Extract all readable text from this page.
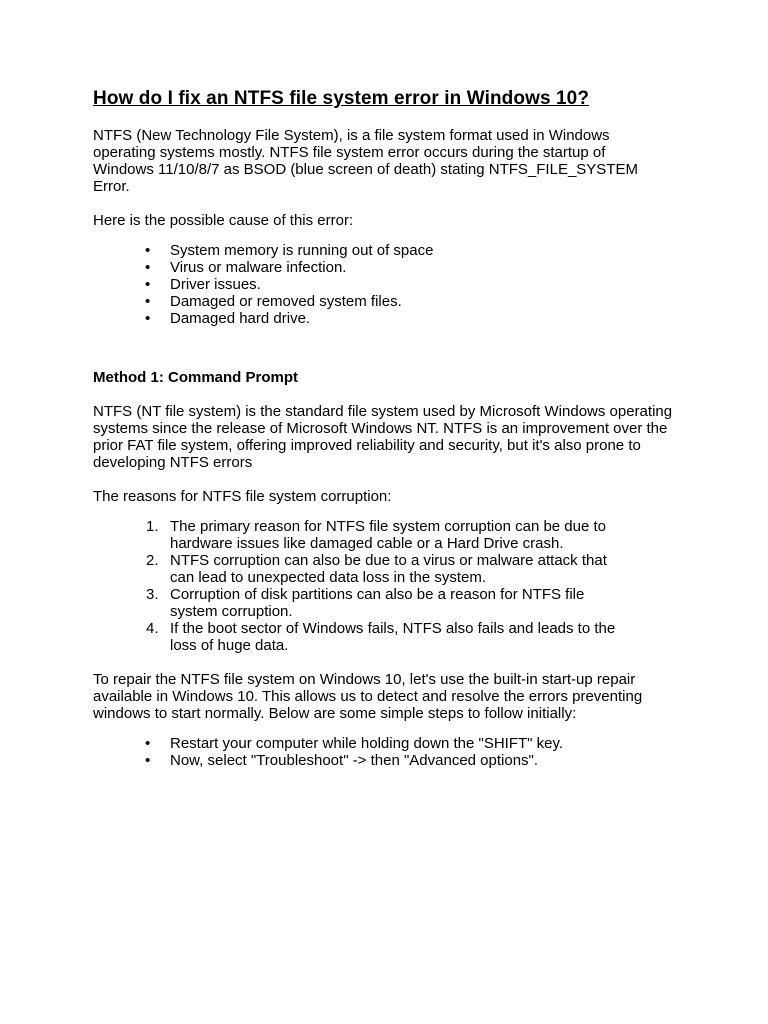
How do I fix an NTFS file system error in Windows 10?

NTFS (New Technology File System), is a file system format used in Windows operating systems mostly. NTFS file system error occurs during the startup of Windows 11/10/8/7 as BSOD (blue screen of death) stating NTFS_FILE_SYSTEM Error.

Here is the possible cause of this error:

• System memory is running out of space
• Virus or malware infection.
• Driver issues.
• Damaged or removed system files.
• Damaged hard drive.

Method 1: Command Prompt

NTFS (NT file system) is the standard file system used by Microsoft Windows operating systems since the release of Microsoft Windows NT. NTFS is an improvement over the prior FAT file system, offering improved reliability and security, but it's also prone to developing NTFS errors

The reasons for NTFS file system corruption:

1. The primary reason for NTFS file system corruption can be due to hardware issues like damaged cable or a Hard Drive crash.
2. NTFS corruption can also be due to a virus or malware attack that can lead to unexpected data loss in the system.
3. Corruption of disk partitions can also be a reason for NTFS file system corruption.
4. If the boot sector of Windows fails, NTFS also fails and leads to the loss of huge data.

To repair the NTFS file system on Windows 10, let's use the built-in start-up repair available in Windows 10. This allows us to detect and resolve the errors preventing windows to start normally. Below are some simple steps to follow initially:

• Restart your computer while holding down the "SHIFT" key.
• Now, select "Troubleshoot" -> then "Advanced options".
